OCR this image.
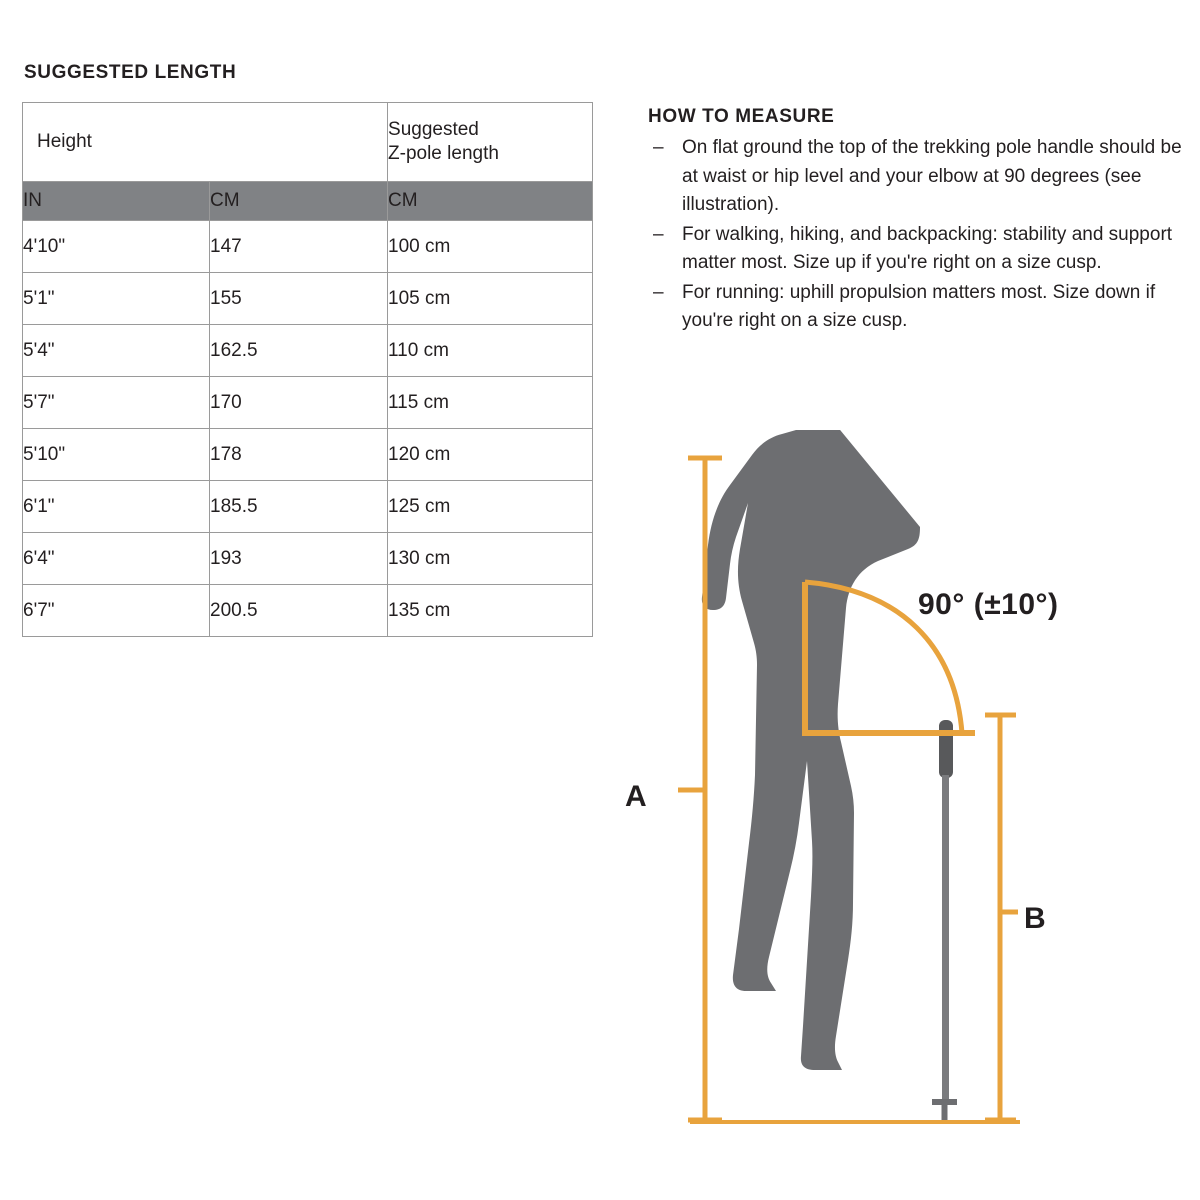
SUGGESTED LENGTH
Height		Suggested
Z-pole length

IN	CM	CM
4'10"	147	100 cm
5'1"	155	105 cm
5'4"	162.5	110 cm
5'7"	170	115 cm
5'10"	178	120 cm
6'1"	185.5	125 cm
6'4"	193	130 cm
6'7"	200.5	135 cm
HOW TO MEASURE
– On flat ground the top of the trekking pole handle should be at waist or hip level and your elbow at 90 degrees (see illustration).
– For walking, hiking, and backpacking: stability and support matter most. Size up if you're right on a size cusp.
– For running: uphill propulsion matters most. Size down if you're right on a size cusp.
90° (±10°)
A
B
